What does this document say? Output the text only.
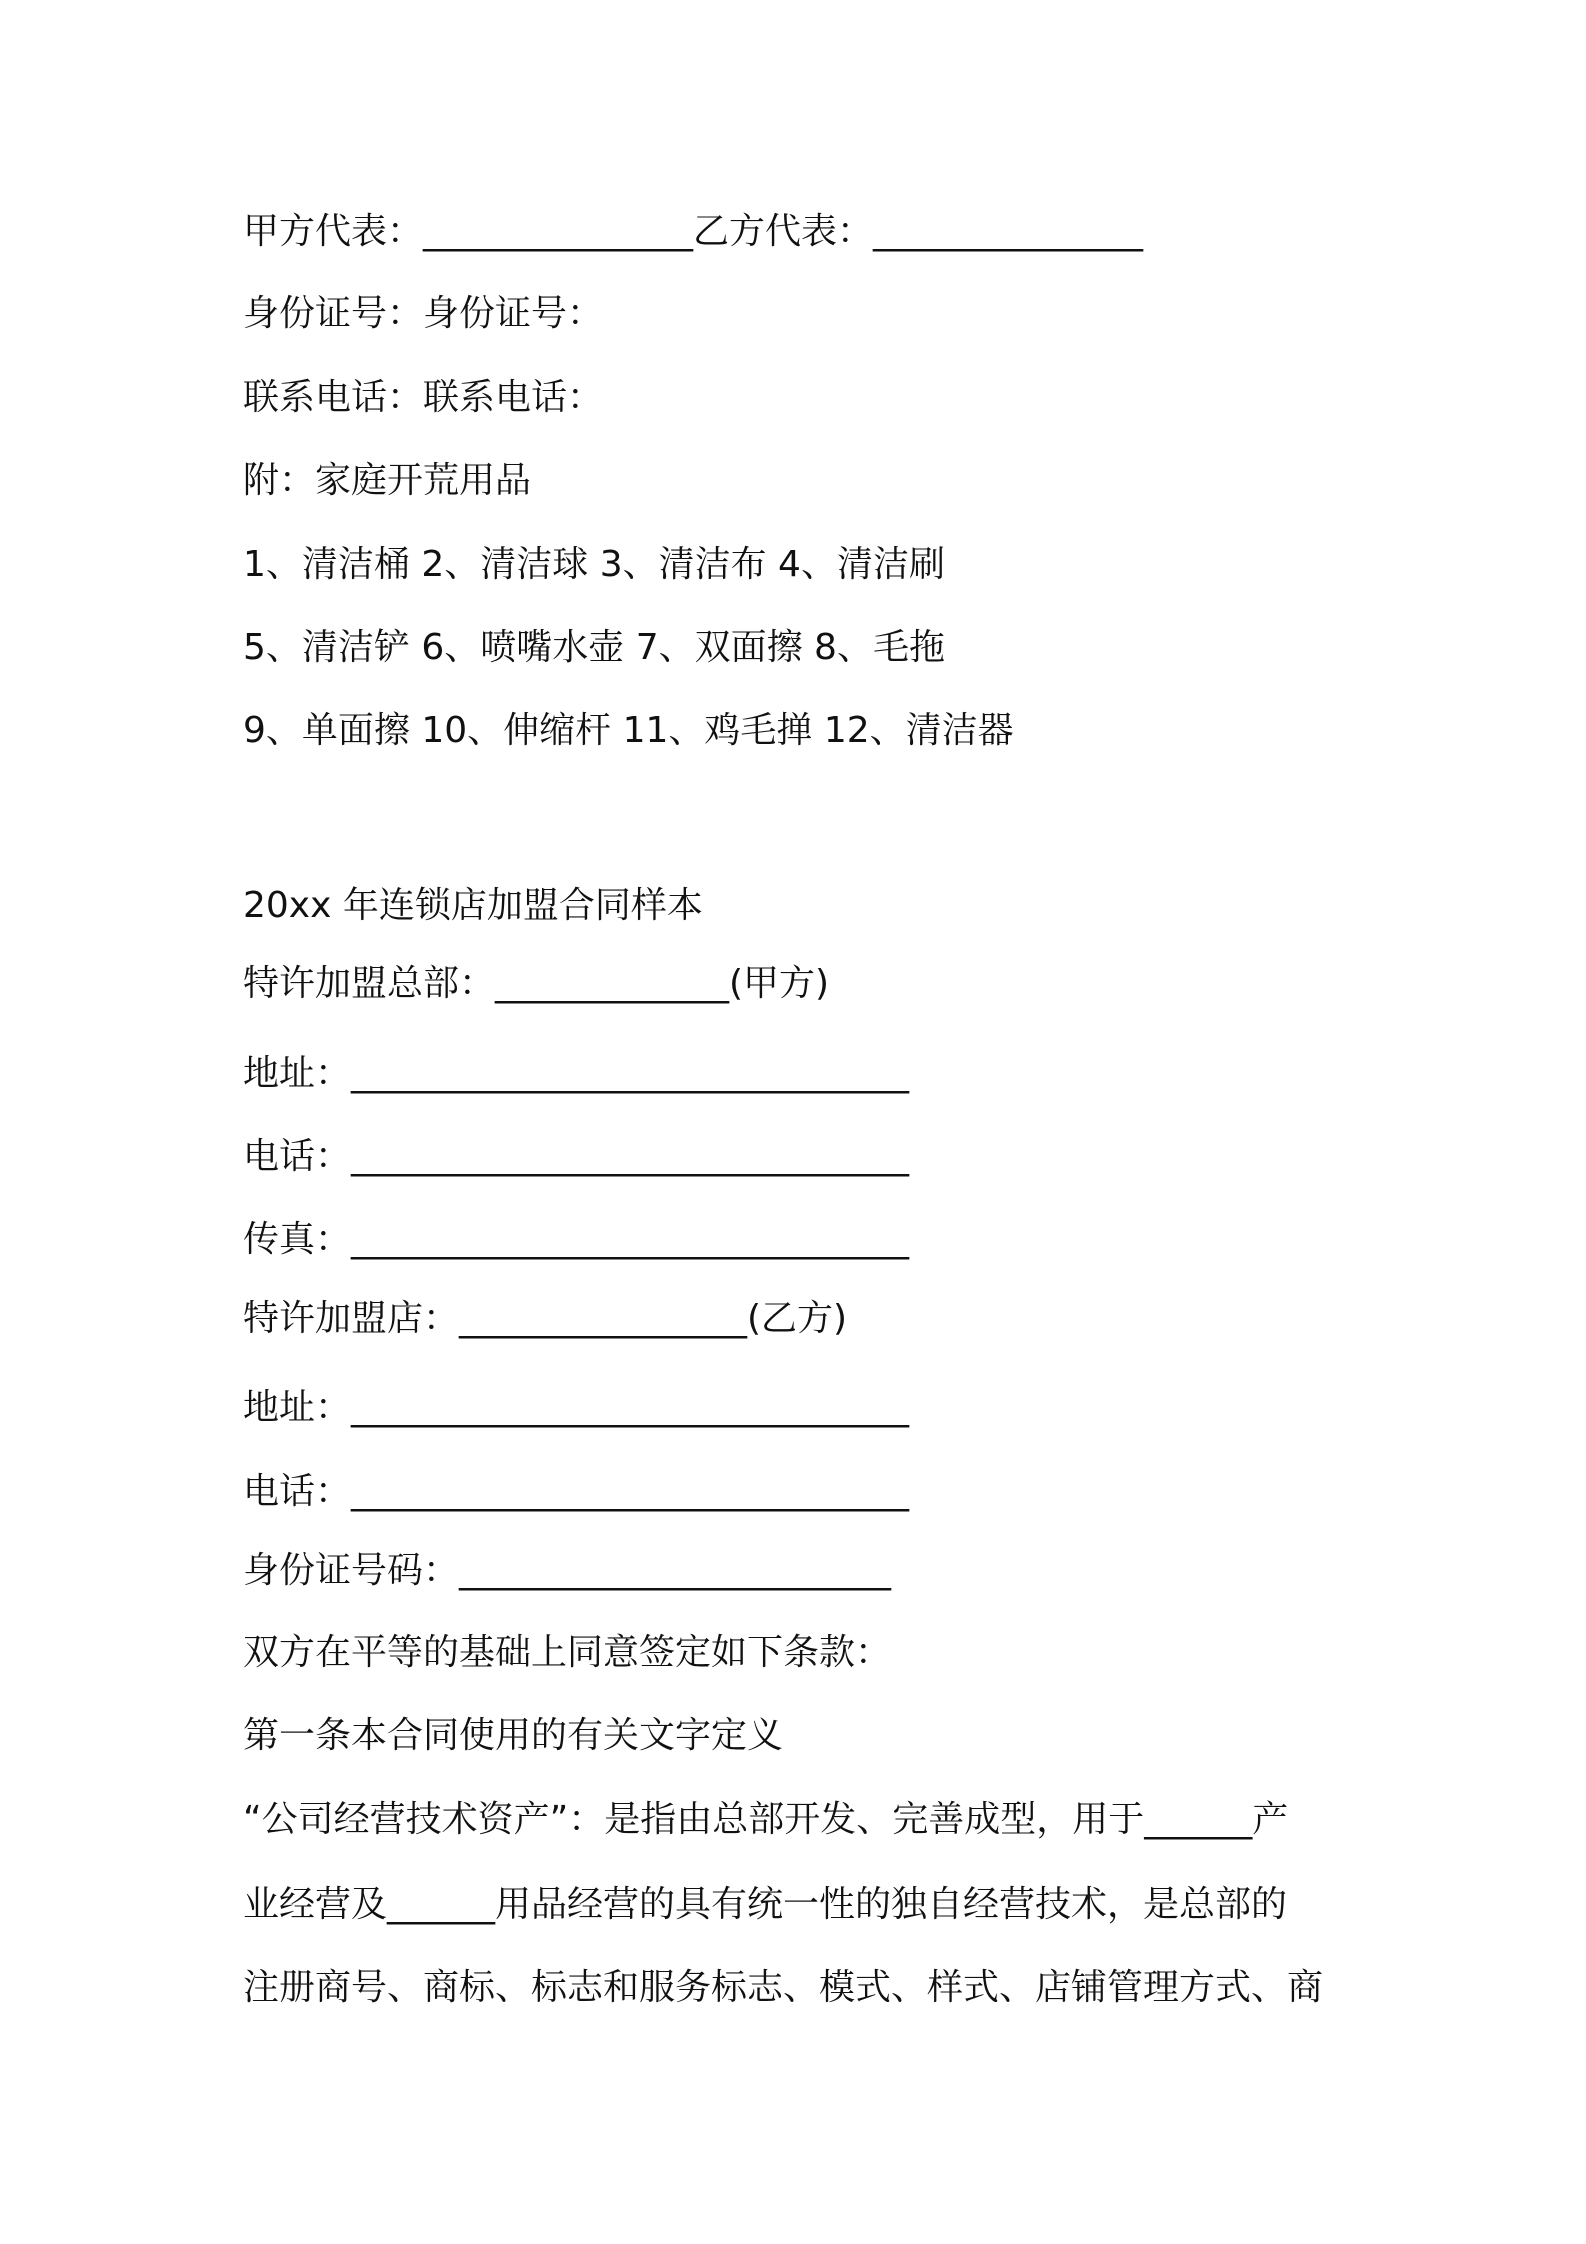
甲方代表：_______________乙方代表：_______________

身份证号：身份证号：

联系电话：联系电话：

附：家庭开荒用品

1、清洁桶 2、清洁球 3、清洁布 4、清洁刷

5、清洁铲 6、喷嘴水壶 7、双面擦 8、毛拖

9、单面擦 10、伸缩杆 11、鸡毛掸 12、清洁器

20xx 年连锁店加盟合同样本

特许加盟总部：_____________(甲方)

地址：_______________________________

电话：_______________________________

传真：_______________________________

特许加盟店：________________(乙方)

地址：_______________________________

电话：_______________________________

身份证号码：________________________

双方在平等的基础上同意签定如下条款：

第一条本合同使用的有关文字定义

“公司经营技术资产”：是指由总部开发、完善成型，用于______产

业经营及______用品经营的具有统一性的独自经营技术，是总部的

注册商号、商标、标志和服务标志、模式、样式、店铺管理方式、商
